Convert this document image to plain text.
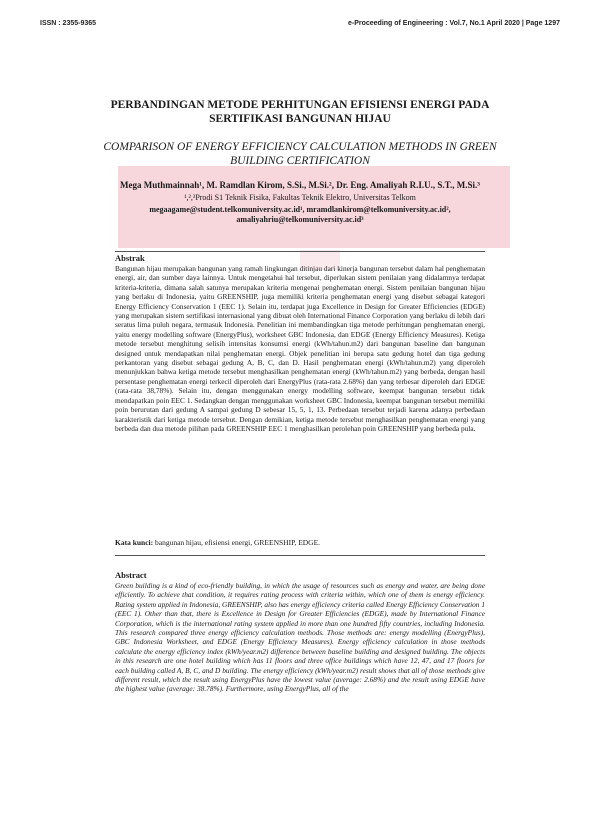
ISSN : 2355-9365	e-Proceeding of Engineering : Vol.7, No.1 April 2020 | Page 1297

PERBANDINGAN METODE PERHITUNGAN EFISIENSI ENERGI PADA SERTIFIKASI BANGUNAN HIJAU

COMPARISON OF ENERGY EFFICIENCY CALCULATION METHODS IN GREEN BUILDING CERTIFICATION

Mega Muthmainnah¹, M. Ramdlan Kirom, S.Si., M.Si.², Dr. Eng. Amaliyah R.I.U., S.T., M.Si.³
¹,²,³Prodi S1 Teknik Fisika, Fakultas Teknik Elektro, Universitas Telkom
megaagame@student.telkomuniversity.ac.id¹, mramdlankirom@telkomuniversity.ac.id², amaliyahriu@telkomuniversity.ac.id³

Abstrak

Bangunan hijau merupakan bangunan yang ramah lingkungan ditinjau dari kinerja bangunan tersebut dalam hal penghematan energi, air, dan sumber daya lainnya. Untuk mengetahui hal tersebut, diperlukan sistem penilaian yang didalamnya terdapat kriteria-kriteria, dimana salah satunya merupakan kriteria mengenai penghematan energi. Sistem penilaian bangunan hijau yang berlaku di Indonesia, yaitu GREENSHIP, juga memiliki kriteria penghematan energi yang disebut sebagai kategori Energy Efficiency Conservation 1 (EEC 1). Selain itu, terdapat juga Excellence in Design for Greater Efficiencies (EDGE) yang merupakan sistem sertifikasi internasional yang dibuat oleh International Finance Corporation yang berlaku di lebih dari seratus lima puluh negara, termasuk Indonesia. Penelitian ini membandingkan tiga metode perhitungan penghematan energi, yaitu energy modelling software (EnergyPlus), worksheet GBC Indonesia, dan EDGE (Energy Efficiency Measures). Ketiga metode tersebut menghitung selisih intensitas konsumsi energi (kWh/tahun.m2) dari bangunan baseline dan bangunan designed untuk mendapatkan nilai penghematan energi. Objek penelitian ini berupa satu gedung hotel dan tiga gedung perkantoran yang disebut sebagai gedung A, B, C, dan D. Hasil penghematan energi (kWh/tahun.m2) yang diperoleh menunjukkan bahwa ketiga metode tersebut menghasilkan penghematan energi (kWh/tahun.m2) yang berbeda, dengan hasil persentase penghematan energi terkecil diperoleh dari EnergyPlus (rata-rata 2.68%) dan yang terbesar diperoleh dari EDGE (rata-rata 38,78%). Selain itu, dengan menggunakan energy modelling software, keempat bangunan tersebut tidak mendapatkan poin EEC 1. Sedangkan dengan menggunakan worksheet GBC Indonesia, keempat bangunan tersebut memiliki poin berurutan dari gedung A sampai gedung D sebesar 15, 5, 1, 13. Perbedaan tersebut terjadi karena adanya perbedaan karakteristik dari ketiga metode tersebut. Dengan demikian, ketiga metode tersebut menghasilkan penghematan energi yang berbeda dan dua metode pilihan pada GREENSHIP EEC 1 menghasilkan perolehan poin GREENSHIP yang berbeda pula.

Kata kunci: bangunan hijau, efisiensi energi, GREENSHIP, EDGE.

Abstract

Green building is a kind of eco-friendly building, in which the usage of resources such as energy and water, are being done efficiently. To achieve that condition, it requires rating process with criteria within, which one of them is energy efficiency. Rating system applied in Indonesia, GREENSHIP, also has energy efficiency criteria called Energy Efficiency Conservation 1 (EEC 1). Other than that, there is Excellence in Design for Greater Efficiencies (EDGE), made by International Finance Corporation, which is the international rating system applied in more than one hundred fifty countries, including Indonesia. This research compared three energy efficiency calculation methods. Those methods are: energy modelling (EnergyPlus), GBC Indonesia Worksheet, and EDGE (Energy Efficiency Measures). Energy efficiency calculation in those methods calculate the energy efficiency index (kWh/year.m2) difference between baseline building and designed building. The objects in this research are one hotel building which has 11 floors and three office buildings which have 12, 47, and 17 floors for each building called A, B, C, and D building. The energy efficiency (kWh/year.m2) result shows that all of those methods give different result, which the result using EnergyPlus have the lowest value (average: 2.68%) and the result using EDGE have the highest value (average: 38.78%). Furthermore, using EnergyPlus, all of the
